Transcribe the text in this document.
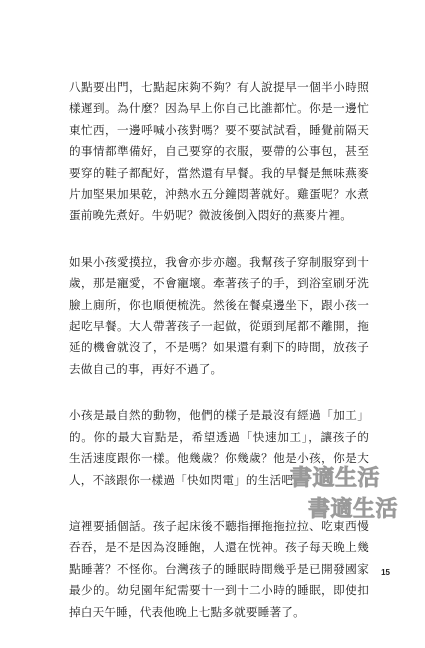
八點要出門，七點起床夠不夠？有人說提早一個半小時照樣遲到。為什麼？因為早上你自己比誰都忙。你是一邊忙東忙西，一邊呼喊小孩對嗎？要不要試試看，睡覺前隔天的事情都準備好，自己要穿的衣服，要帶的公事包，甚至要穿的鞋子都配好，當然還有早餐。我的早餐是無味燕麥片加堅果加果乾，沖熱水五分鐘悶著就好。雞蛋呢？水煮蛋前晚先煮好。牛奶呢？微波後倒入悶好的燕麥片裡。

如果小孩愛摸拉，我會亦步亦趨。我幫孩子穿制服穿到十歲，那是寵愛，不會寵壞。牽著孩子的手，到浴室刷牙洗臉上廁所，你也順便梳洗。然後在餐桌邊坐下，跟小孩一起吃早餐。大人帶著孩子一起做，從頭到尾都不離開，拖延的機會就沒了，不是嗎？如果還有剩下的時間，放孩子去做自己的事，再好不過了。

小孩是最自然的動物，他們的樣子是最沒有經過「加工」的。你的最大盲點是，希望透過「快速加工」，讓孩子的生活速度跟你一樣。他幾歲？你幾歲？他是小孩，你是大人，不該跟你一樣過「快如閃電」的生活吧。

這裡要插個話。孩子起床後不聽指揮拖拖拉拉、吃東西慢吞吞，是不是因為沒睡飽，人還在恍神。孩子每天晚上幾點睡著？不怪你。台灣孩子的睡眠時間幾乎是已開發國家最少的。幼兒園年紀需要十一到十二小時的睡眠，即使扣掉白天午睡，代表他晚上七點多就要睡著了。

書適生活
書適生活
15
